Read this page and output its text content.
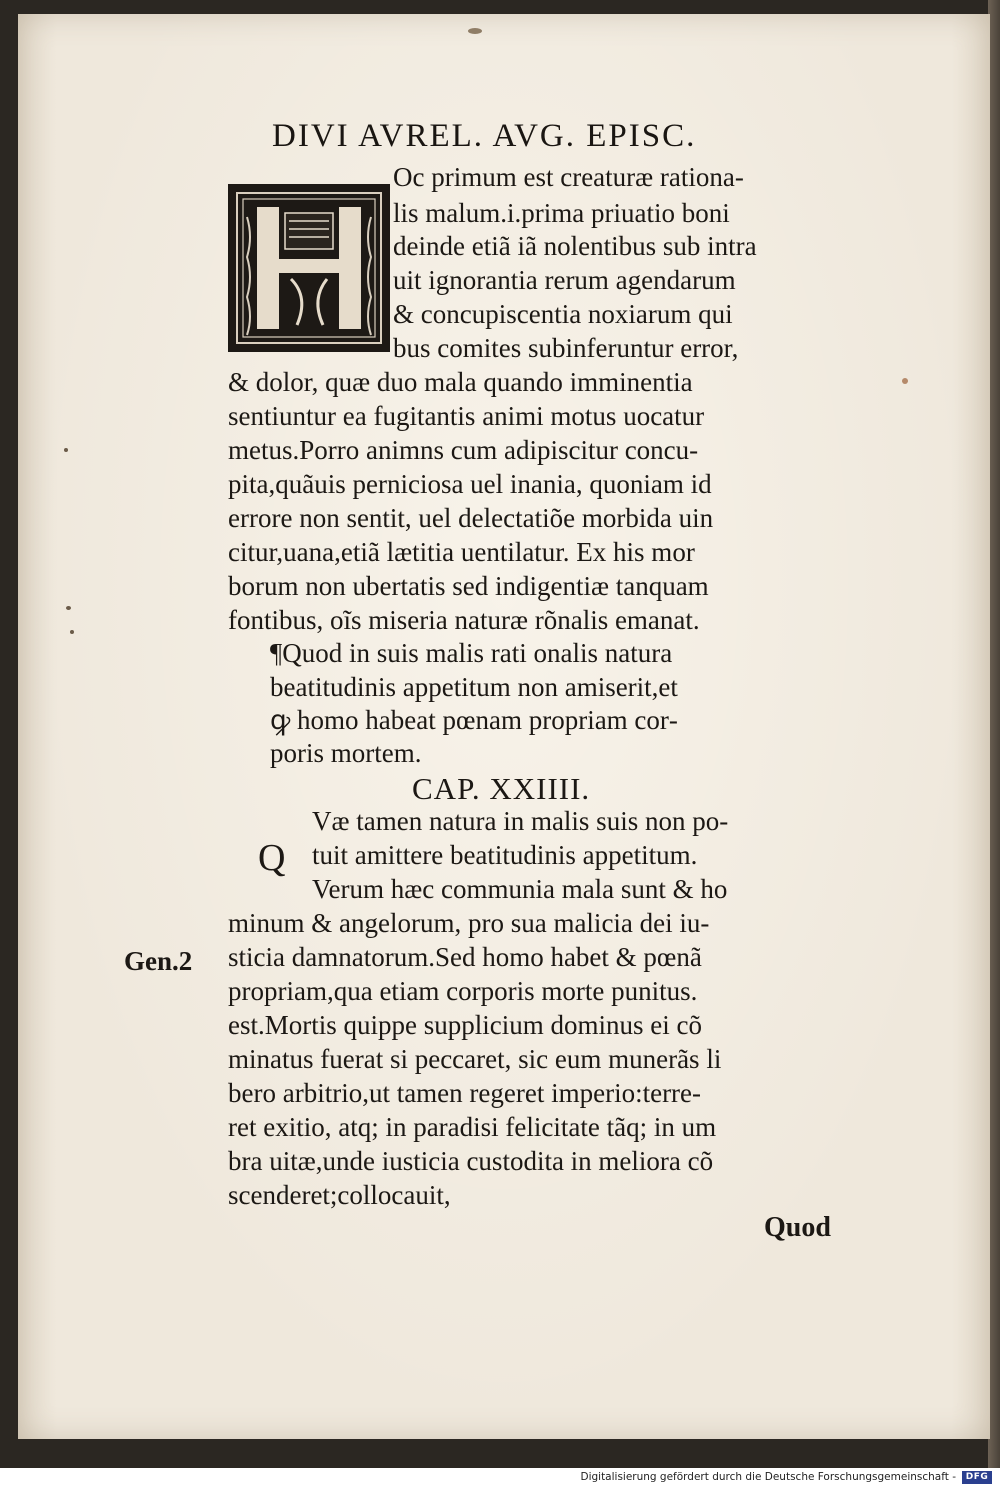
DIVI AVREL. AVG. EPISC.
Oc primum est creaturæ rationa‑
lis malum.i.prima priuatio boni
deinde etiã iã nolentibus sub intra
uit ignorantia rerum agendarum
& concupiscentia noxiarum qui
bus comites subinferuntur error,
& dolor, quæ duo mala quando imminentia
sentiuntur ea fugitantis animi motus uocatur
metus.Porro animns cum adipiscitur concu‑
pita,quãuis perniciosa uel inania, quoniam id
errore non sentit, uel delectatiõe morbida uin
citur,uana,etiã lætitia uentilatur. Ex his mor
borum non ubertatis sed indigentiæ tanquam
fontibus, oĩs miseria naturæ rõnalis emanat.
¶Quod in suis malis rati onalis natura
beatitudinis appetitum non amiserit,et
ꝙ homo habeat pœnam propriam cor‑
poris mortem.
CAP. XXIIII.
Q
Væ tamen natura in malis suis non po‑
tuit amittere beatitudinis appetitum.
Verum hæc communia mala sunt & ho
minum & angelorum, pro sua malicia dei iu‑
sticia damnatorum.Sed homo habet & pœnã
propriam,qua etiam corporis morte punitus.
est.Mortis quippe supplicium dominus ei cõ
minatus fuerat si peccaret, sic eum munerãs li
bero arbitrio,ut tamen regeret imperio:terre‑
ret exitio, atq; in paradisi felicitate tãq; in um
bra uitæ,unde iusticia custodita in meliora cõ
scenderet;collocauit,
Gen.2
Quod
Digitalisierung gefördert durch die Deutsche Forschungsgemeinschaft -	DFG
